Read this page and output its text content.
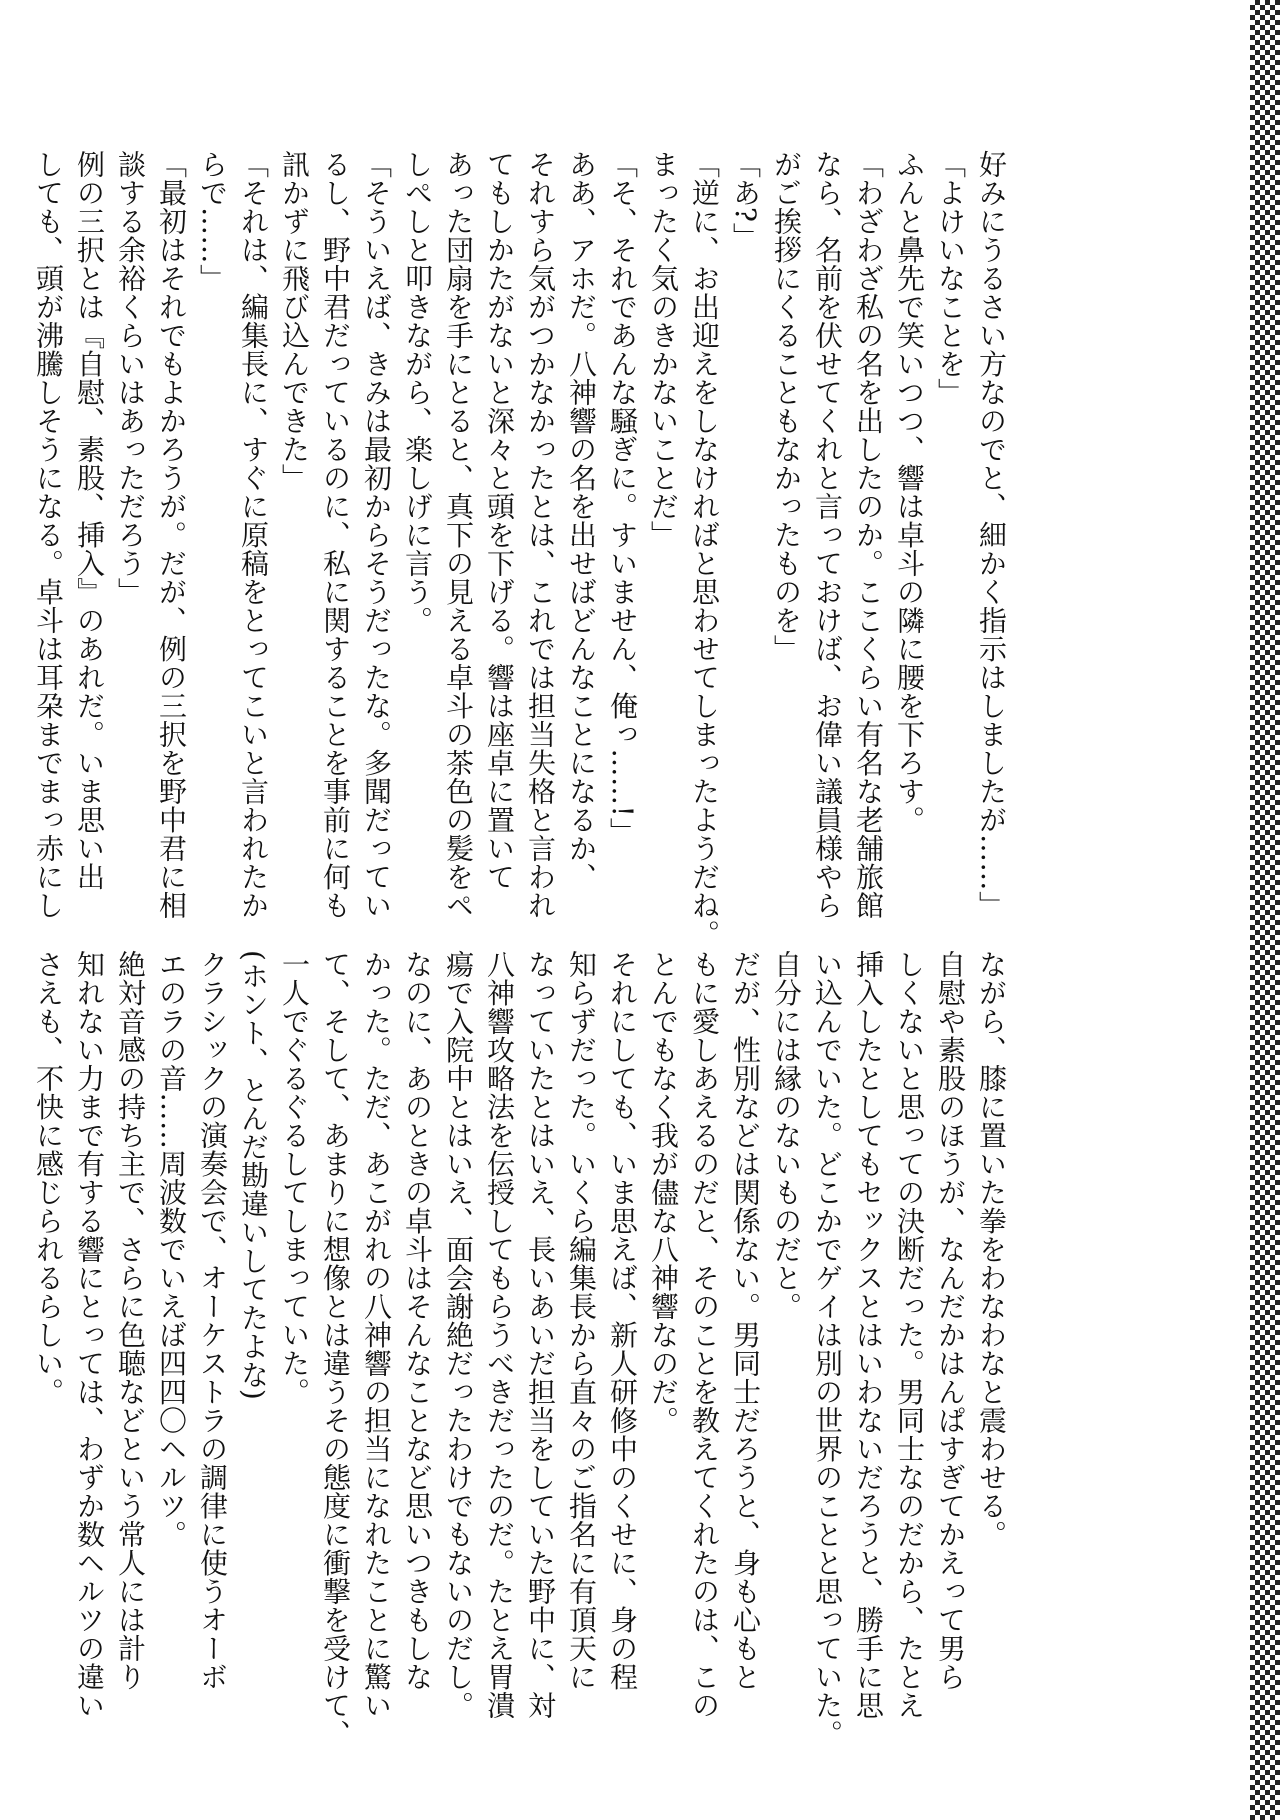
好みにうるさい方なのでと、細かく指示はしましたが……」
「よけいなことを」
ふんと鼻先で笑いつつ、響は卓斗の隣に腰を下ろす。
「わざわざ私の名を出したのか。ここくらい有名な老舗旅館
なら、名前を伏せてくれと言っておけば、お偉い議員様やら
がご挨拶にくることもなかったものを」
「あ?」
「逆に、お出迎えをしなければと思わせてしまったようだね。
まったく気のきかないことだ」
「そ、それであんな騒ぎに。すいません、俺っ……!」
ああ、アホだ。八神響の名を出せばどんなことになるか、
それすら気がつかなかったとは、これでは担当失格と言われ
てもしかたがないと深々と頭を下げる。響は座卓に置いて
あった団扇を手にとると、真下の見える卓斗の茶色の髪をペ
しぺしと叩きながら、楽しげに言う。
「そういえば、きみは最初からそうだったな。多聞だってい
るし、野中君だっているのに、私に関することを事前に何も
訊かずに飛び込んできた」
「それは、編集長に、すぐに原稿をとってこいと言われたか
らで……」
「最初はそれでもよかろうが。だが、例の三択を野中君に相
談する余裕くらいはあっただろう」
例の三択とは『自慰、素股、挿入』のあれだ。いま思い出
しても、頭が沸騰しそうになる。卓斗は耳朶までまっ赤にし
ながら、膝に置いた拳をわなわなと震わせる。
自慰や素股のほうが、なんだかはんぱすぎてかえって男ら
しくないと思っての決断だった。男同士なのだから、たとえ
挿入したとしてもセックスとはいわないだろうと、勝手に思
い込んでいた。どこかでゲイは別の世界のことと思っていた。
自分には縁のないものだと。
だが、性別などは関係ない。男同士だろうと、身も心もと
もに愛しあえるのだと、そのことを教えてくれたのは、この
とんでもなく我が儘な八神響なのだ。
それにしても、いま思えば、新人研修中のくせに、身の程
知らずだった。いくら編集長から直々のご指名に有頂天に
なっていたとはいえ、長いあいだ担当をしていた野中に、対
八神響攻略法を伝授してもらうべきだったのだ。たとえ胃潰
瘍で入院中とはいえ、面会謝絶だったわけでもないのだし。
なのに、あのときの卓斗はそんなことなど思いつきもしな
かった。ただ、あこがれの八神響の担当になれたことに驚い
て、そして、あまりに想像とは違うその態度に衝撃を受けて、
一人でぐるぐるしてしまっていた。
(ホント、とんだ勘違いしてたよな)
クラシックの演奏会で、オーケストラの調律に使うオーボ
エのラの音……周波数でいえば四四〇ヘルツ。
絶対音感の持ち主で、さらに色聴などという常人には計り
知れない力まで有する響にとっては、わずか数ヘルツの違い
さえも、不快に感じられるらしい。
